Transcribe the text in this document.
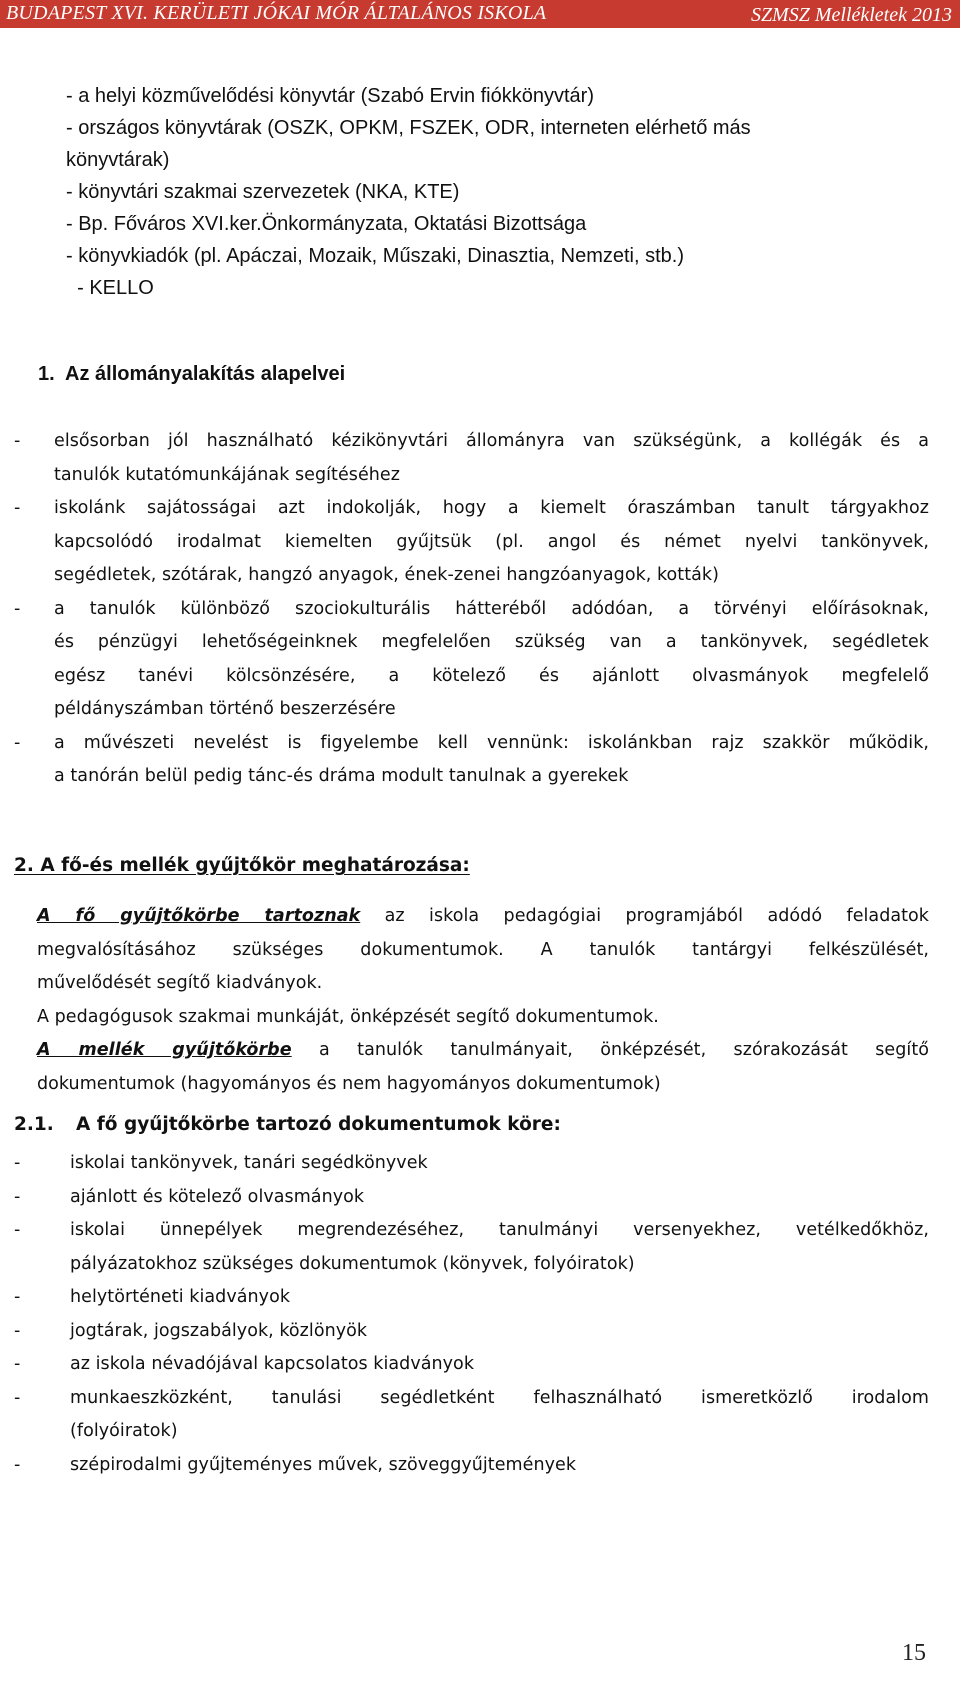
BUDAPEST XVI. KERÜLETI JÓKAI MÓR ÁLTALÁNOS ISKOLA	SZMSZ Mellékletek 2013
- a helyi közművelődési könyvtár (Szabó Ervin fiókkönyvtár)
- országos könyvtárak (OSZK, OPKM, FSZEK, ODR, interneten elérhető más
könyvtárak)
- könyvtári szakmai szervezetek (NKA, KTE)
- Bp. Főváros XVI.ker.Önkormányzata, Oktatási Bizottsága
- könyvkiadók (pl. Apáczai, Mozaik, Műszaki, Dinasztia, Nemzeti, stb.)
- KELLO
1.  Az állományalakítás alapelvei
- elsősorban jól használható kézikönyvtári állományra van szükségünk, a kollégák és a
tanulók kutatómunkájának segítéséhez
- iskolánk sajátosságai azt indokolják, hogy a kiemelt óraszámban tanult tárgyakhoz
kapcsolódó irodalmat kiemelten gyűjtsük (pl. angol és német nyelvi tankönyvek,
segédletek, szótárak, hangzó anyagok, ének-zenei hangzóanyagok, kották)
- a tanulók különböző szociokulturális hátteréből adódóan, a törvényi előírásoknak,
és pénzügyi lehetőségeinknek megfelelően szükség van a tankönyvek, segédletek
egész tanévi kölcsönzésére, a kötelező és ajánlott olvasmányok megfelelő
példányszámban történő beszerzésére
- a művészeti nevelést is figyelembe kell vennünk: iskolánkban rajz szakkör működik,
a tanórán belül pedig tánc-és dráma modult tanulnak a gyerekek
2. A fő-és mellék gyűjtőkör meghatározása:

A fő gyűjtőkörbe tartoznak az iskola pedagógiai programjából adódó feladatok

megvalósításához szükséges dokumentumok. A tanulók tantárgyi felkészülését,

művelődését segítő kiadványok.

A pedagógusok szakmai munkáját, önképzését segítő dokumentumok.

A mellék gyűjtőkörbe a tanulók tanulmányait, önképzését, szórakozását segítő

dokumentumok (hagyományos és nem hagyományos dokumentumok)

2.1. A fő gyűjtőkörbe tartozó dokumentumok köre:
-	iskolai tankönyvek, tanári segédkönyvek
-	ajánlott és kötelező olvasmányok
-	iskolai ünnepélyek megrendezéséhez, tanulmányi versenyekhez, vetélkedőkhöz,
pályázatokhoz szükséges dokumentumok (könyvek, folyóiratok)
-	helytörténeti kiadványok
-	jogtárak, jogszabályok, közlönyök
-	az iskola névadójával kapcsolatos kiadványok
-	munkaeszközként, tanulási segédletként felhasználható ismeretközlő irodalom
(folyóiratok)
-	szépirodalmi gyűjteményes művek, szöveggyűjtemények
15
